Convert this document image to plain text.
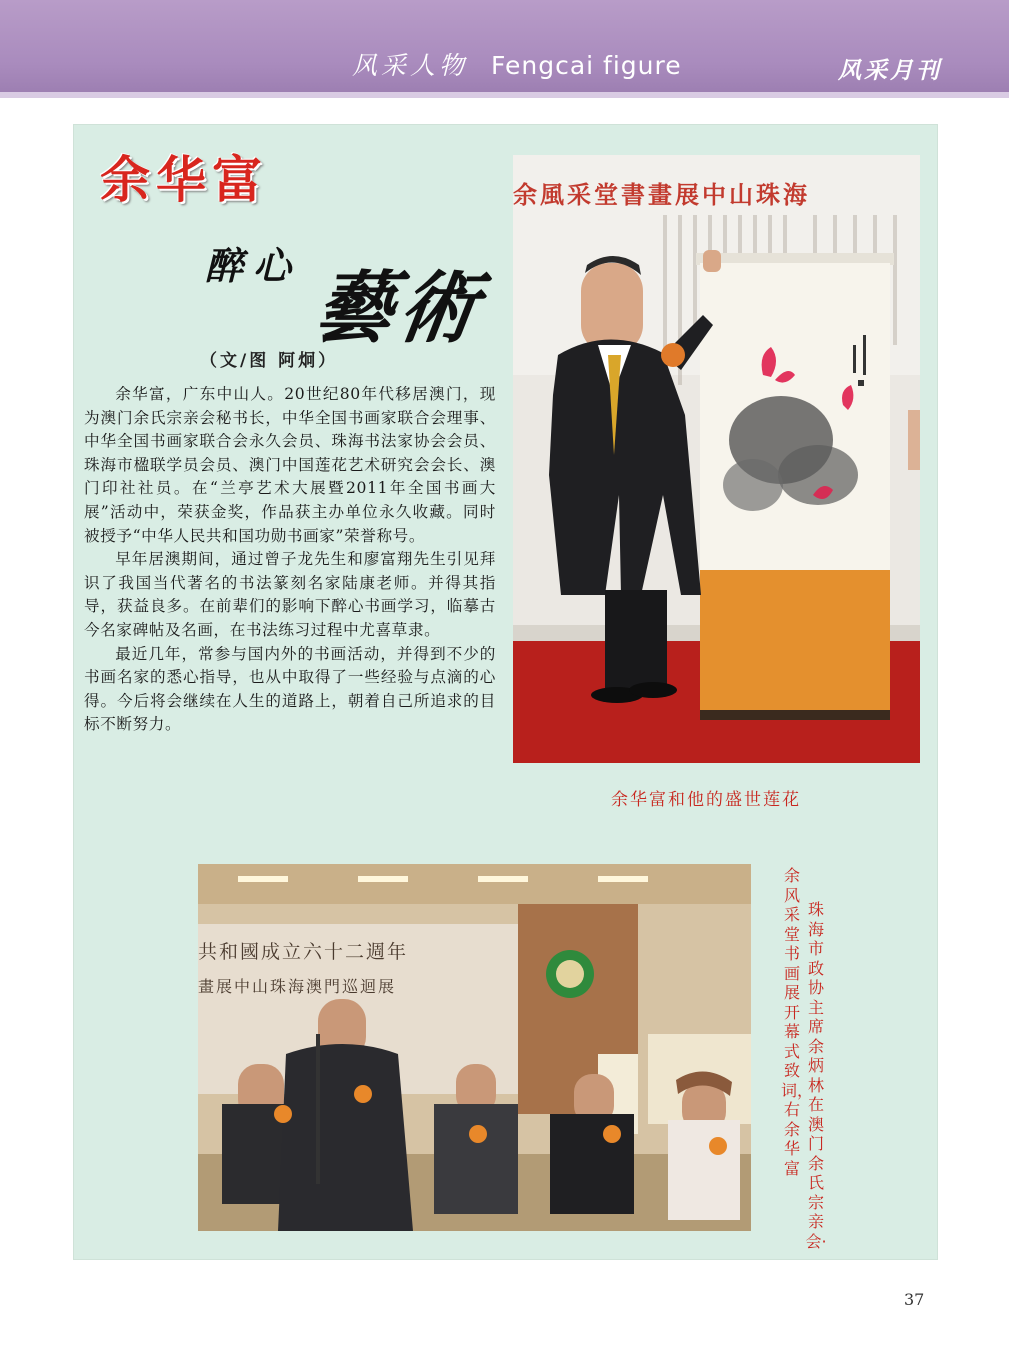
风采人物 Fengcai figure	风采月刊
余华富
醉心 藝術
（文/图 阿炯）

余华富，广东中山人。20世纪80年代移居澳门，现为澳门余氏宗亲会秘书长，中华全国书画家联合会理事、中华全国书画家联合会永久会员、珠海书法家协会会员、珠海市楹联学员会员、澳门中国莲花艺术研究会会长、澳门印社社员。在“兰亭艺术大展暨2011年全国书画大展”活动中，荣获金奖，作品获主办单位永久收藏。同时被授予“中华人民共和国功勋书画家”荣誉称号。

早年居澳期间，通过曾子龙先生和廖富翔先生引见拜识了我国当代著名的书法篆刻名家陆康老师。并得其指导，获益良多。在前辈们的影响下醉心书画学习，临摹古今名家碑帖及名画，在书法练习过程中尤喜草隶。

最近几年，常参与国内外的书画活动，并得到不少的书画名家的悉心指导，也从中取得了一些经验与点滴的心得。今后将会继续在人生的道路上，朝着自己所追求的目标不断努力。

余風采堂書畫展中山珠海
余华富和他的盛世莲花
共和國成立六十二週年
畫展中山珠海澳門巡迴展
珠海市政协主席余炳林在澳门余氏宗亲会·
余风采堂书画展开幕式致词，右余华富
37
